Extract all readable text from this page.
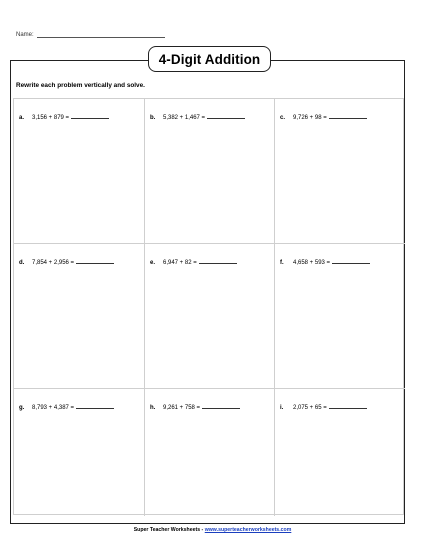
Name:
4-Digit Addition
Rewrite each problem vertically and solve.
a. 3,156 + 879 =	b. 5,382 + 1,467 =	c. 9,726 + 98 =
d. 7,854 + 2,956 =	e. 6,947 + 82 =	f. 4,658 + 593 =
g. 8,793 + 4,387 =	h. 9,261 + 758 =	i. 2,075 + 65 =
Super Teacher Worksheets - www.superteacherworksheets.com
